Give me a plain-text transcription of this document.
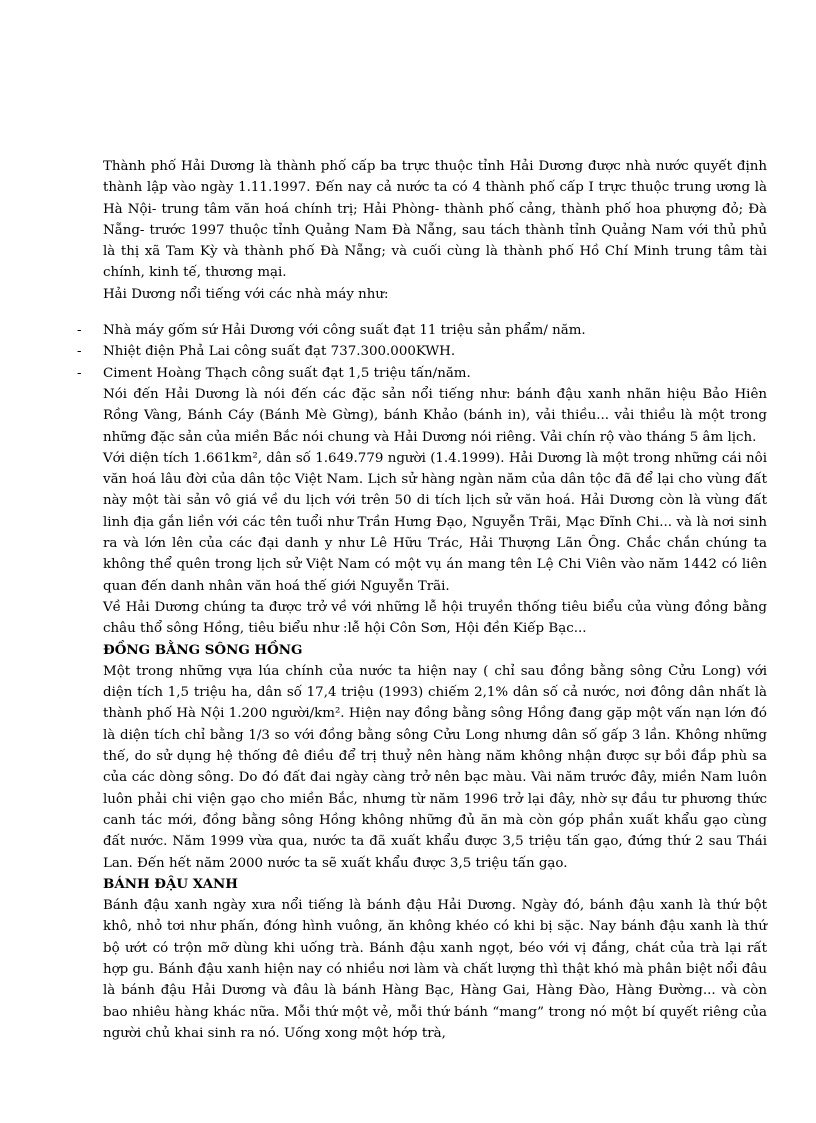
Thành phố Hải Dương là thành phố cấp ba trực thuộc tỉnh Hải Dương được nhà nước quyết định thành lập vào ngày 1.11.1997. Đến nay cả nước ta có 4 thành phố cấp I trực thuộc trung ương là Hà Nội- trung tâm văn hoá chính trị; Hải Phòng- thành phố cảng, thành phố hoa phượng đỏ; Đà Nẵng- trước 1997 thuộc tỉnh Quảng Nam Đà Nẵng, sau tách thành tỉnh Quảng Nam với thủ phủ là thị xã Tam Kỳ và thành phố Đà Nẵng; và cuối cùng là thành phố Hồ Chí Minh trung tâm tài chính, kinh tế, thương mại.

Hải Dương nổi tiếng với các nhà máy như:

- Nhà máy gốm sứ Hải Dương với công suất đạt 11 triệu sản phẩm/ năm.
- Nhiệt điện Phả Lai công suất đạt 737.300.000KWH.
- Ciment Hoàng Thạch công suất đạt 1,5 triệu tấn/năm.

Nói đến Hải Dương là nói đến các đặc sản nổi tiếng như: bánh đậu xanh nhãn hiệu Bảo Hiên Rồng Vàng, Bánh Cáy (Bánh Mè Gừng), bánh Khảo (bánh in), vải thiều... vải thiều là một trong những đặc sản của miền Bắc nói chung và Hải Dương nói riêng. Vải chín rộ vào tháng 5 âm lịch.

Với diện tích 1.661km², dân số 1.649.779 người (1.4.1999). Hải Dương là một trong những cái nôi văn hoá lâu đời của dân tộc Việt Nam. Lịch sử hàng ngàn năm của dân tộc đã để lại cho vùng đất này một tài sản vô giá về du lịch với trên 50 di tích lịch sử văn hoá. Hải Dương còn là vùng đất linh địa gắn liền với các tên tuổi như Trần Hưng Đạo, Nguyễn Trãi, Mạc Đĩnh Chi... và là nơi sinh ra và lớn lên của các đại danh y như Lê Hữu Trác, Hải Thượng Lãn Ông. Chắc chắn chúng ta không thể quên trong lịch sử Việt Nam có một vụ án mang tên Lệ Chi Viên vào năm 1442 có liên quan đến danh nhân văn hoá thế giới Nguyễn Trãi.

Về Hải Dương chúng ta được trở về với những lễ hội truyền thống tiêu biểu của vùng đồng bằng châu thổ sông Hồng, tiêu biểu như :lễ hội Côn Sơn, Hội đền Kiếp Bạc...

ĐỒNG BẰNG SÔNG HỒNG

Một trong những vựa lúa chính của nước ta hiện nay ( chỉ sau đồng bằng sông Cửu Long) với diện tích 1,5 triệu ha, dân số 17,4 triệu (1993) chiếm 2,1% dân số cả nước, nơi đông dân nhất là thành phố Hà Nội 1.200 người/km². Hiện nay đồng bằng sông Hồng đang gặp một vấn nạn lớn đó là diện tích chỉ bằng 1/3 so với đồng bằng sông Cửu Long nhưng dân số gấp 3 lần. Không những thế, do sử dụng hệ thống đê điều để trị thuỷ nên hàng năm không nhận được sự bồi đắp phù sa của các dòng sông. Do đó đất đai ngày càng trở nên bạc màu. Vài năm trước đây, miền Nam luôn luôn phải chi viện gạo cho miền Bắc, nhưng từ năm 1996 trở lại đây, nhờ sự đầu tư phương thức canh tác mới, đồng bằng sông Hồng không những đủ ăn mà còn góp phần xuất khẩu gạo cùng đất nước. Năm 1999 vừa qua, nước ta đã xuất khẩu được 3,5 triệu tấn gạo, đứng thứ 2 sau Thái Lan. Đến hết năm 2000 nước ta sẽ xuất khẩu được 3,5 triệu tấn gạo.

BÁNH ĐẬU XANH

Bánh đậu xanh ngày xưa nổi tiếng là bánh đậu Hải Dương. Ngày đó, bánh đậu xanh là thứ bột khô, nhỏ tơi như phấn, đóng hình vuông, ăn không khéo có khi bị sặc. Nay bánh đậu xanh là thứ bộ ướt có trộn mỡ dùng khi uống trà. Bánh đậu xanh ngọt, béo với vị đắng, chát của trà lại rất hợp gu. Bánh đậu xanh hiện nay có nhiều nơi làm và chất lượng thì thật khó mà phân biệt nổi đâu là bánh đậu Hải Dương và đâu là bánh Hàng Bạc, Hàng Gai, Hàng Đào, Hàng Đường... và còn bao nhiêu hàng khác nữa. Mỗi thứ một vẻ, mỗi thứ bánh “mang” trong nó một bí quyết riêng của người chủ khai sinh ra nó. Uống xong một hớp trà,
